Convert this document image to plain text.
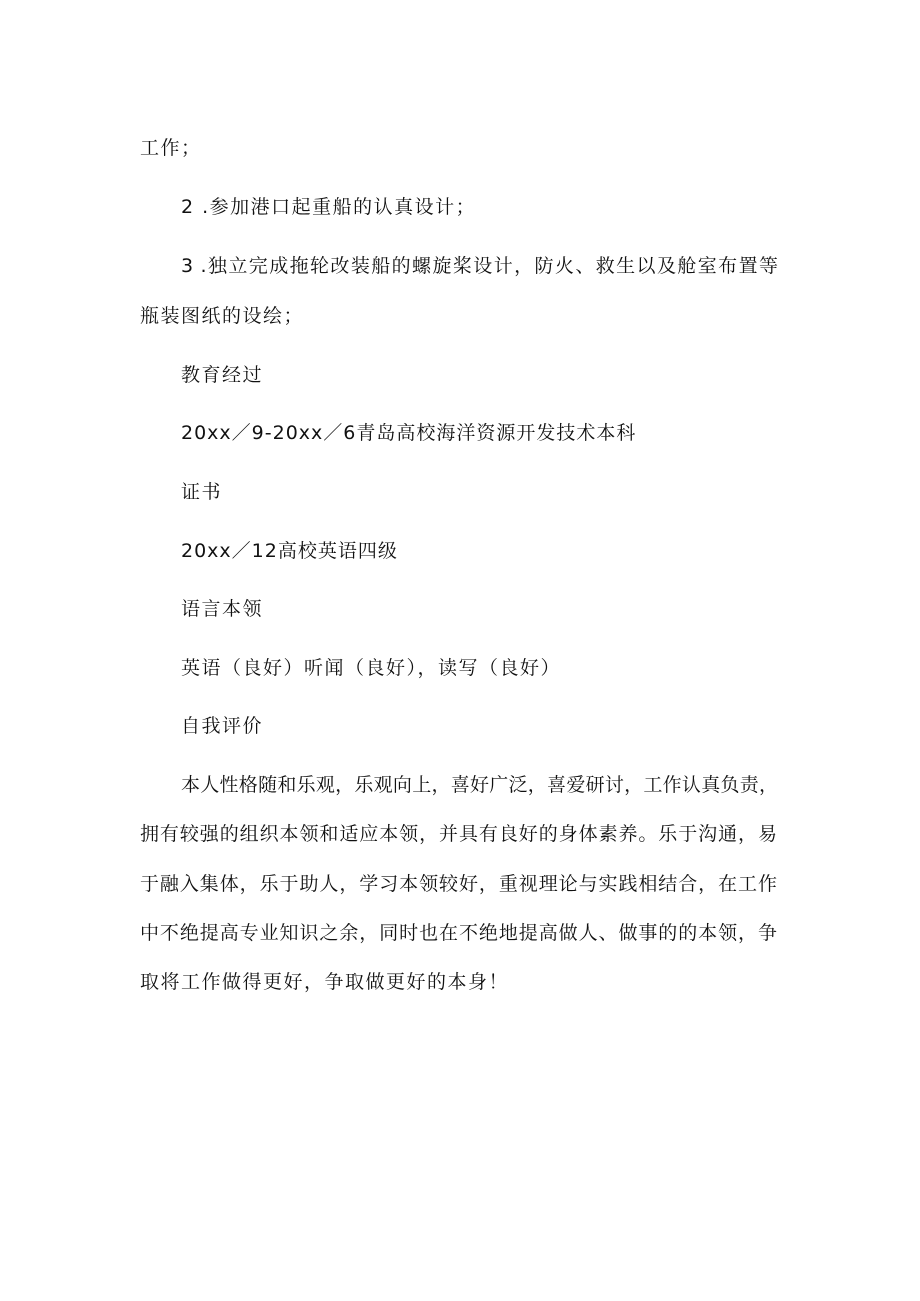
工作；
2 .参加港口起重船的认真设计；
3 .独立完成拖轮改装船的螺旋桨设计，防火、救生以及舱室布置等
瓶装图纸的设绘；
教育经过
20xx／9-20xx／6青岛高校海洋资源开发技术本科
证书
20xx／12高校英语四级
语言本领
英语（良好）听闻（良好），读写（良好）
自我评价
本人性格随和乐观，乐观向上，喜好广泛，喜爱研讨，工作认真负责，
拥有较强的组织本领和适应本领，并具有良好的身体素养。乐于沟通，易
于融入集体，乐于助人，学习本领较好，重视理论与实践相结合，在工作
中不绝提高专业知识之余，同时也在不绝地提高做人、做事的的本领，争
取将工作做得更好，争取做更好的本身！
